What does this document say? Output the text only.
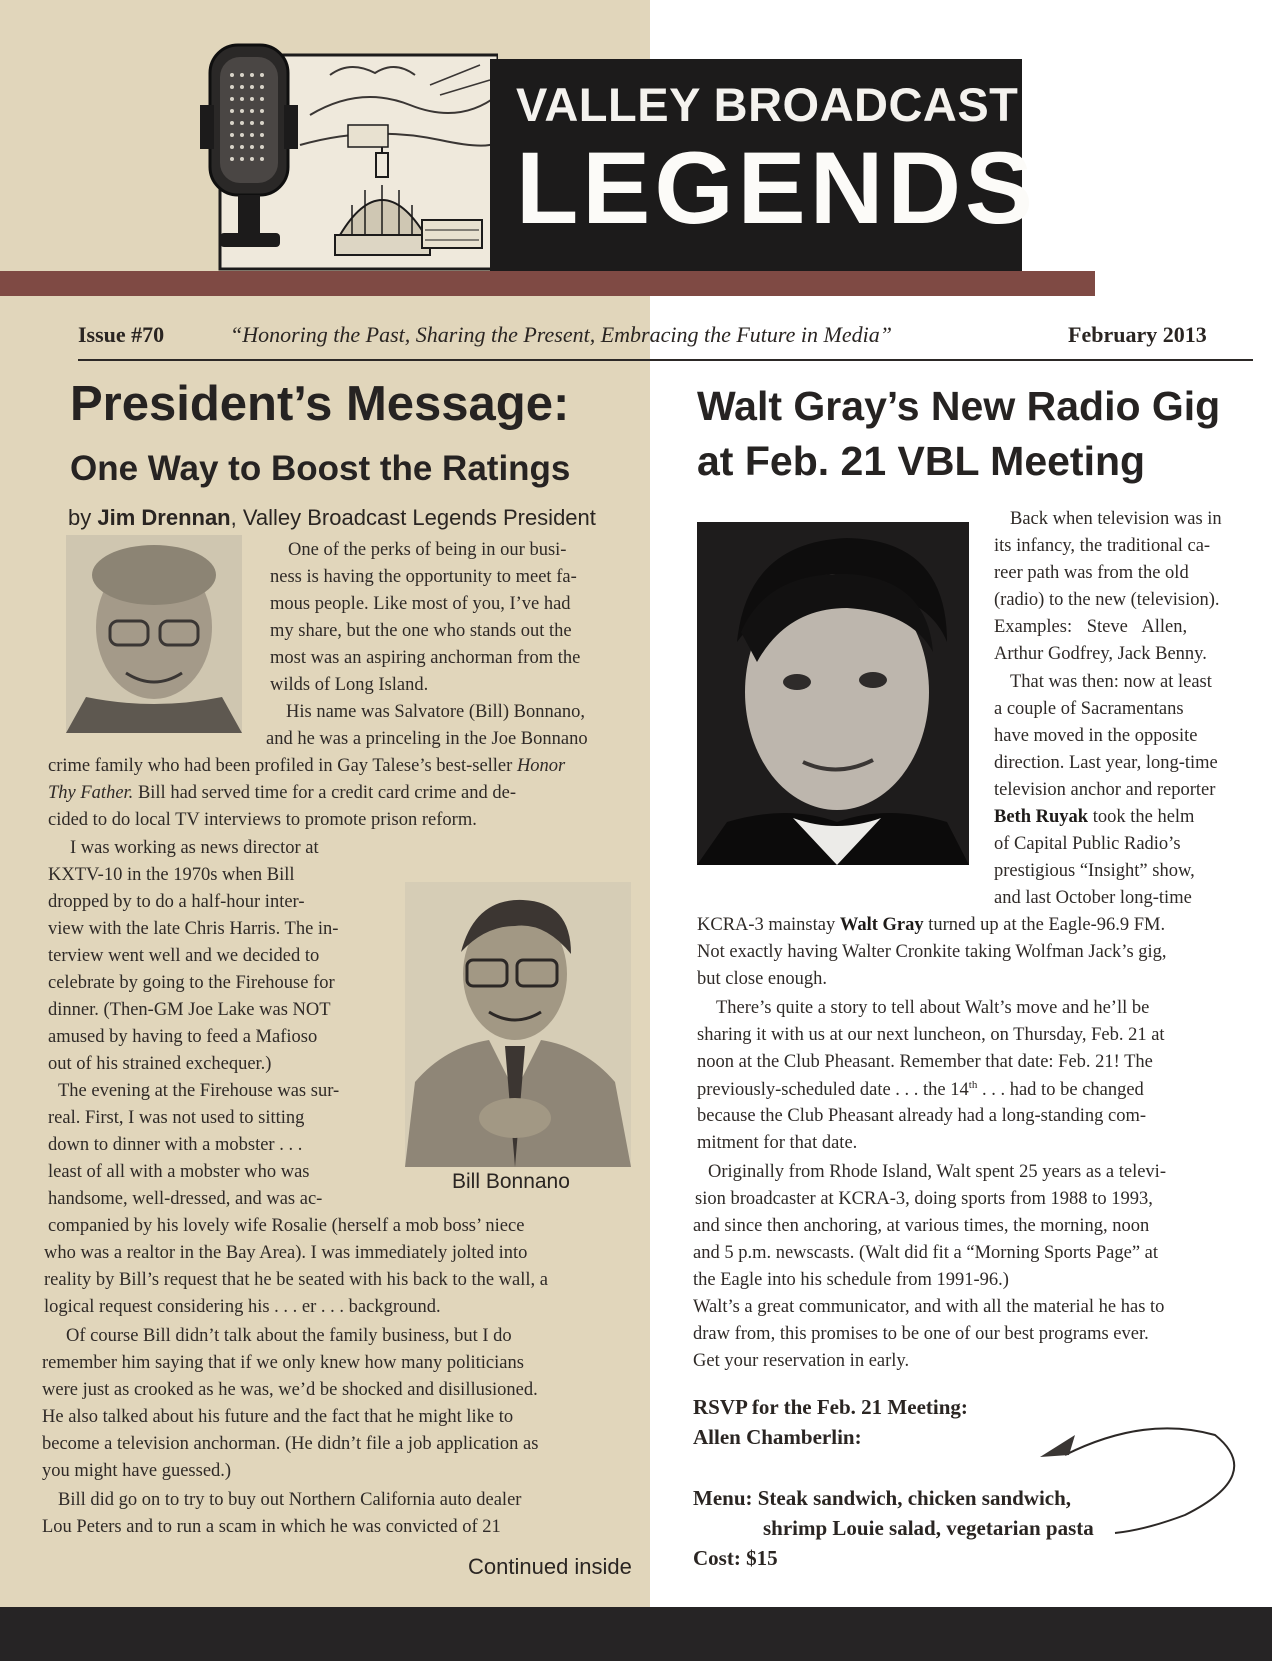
VALLEY BROADCAST
LEGENDS
Issue #70	“Honoring the Past, Sharing the Present, Embracing the Future in Media”	February 2013
President’s Message:
One Way to Boost the Ratings
by Jim Drennan, Valley Broadcast Legends President
One of the perks of being in our busi-
ness is having the opportunity to meet fa-
mous people. Like most of you, I’ve had
my share, but the one who stands out the
most was an aspiring anchorman from the
wilds of Long Island.
His name was Salvatore (Bill) Bonnano,
and he was a princeling in the Joe Bonnano
crime family who had been profiled in Gay Talese’s best-seller Honor
Thy Father. Bill had served time for a credit card crime and de-
cided to do local TV interviews to promote prison reform.
I was working as news director at
KXTV-10 in the 1970s when Bill
dropped by to do a half-hour inter-
view with the late Chris Harris. The in-
terview went well and we decided to
celebrate by going to the Firehouse for
dinner. (Then-GM Joe Lake was NOT
amused by having to feed a Mafioso
out of his strained exchequer.)
The evening at the Firehouse was sur-
real. First, I was not used to sitting
down to dinner with a mobster . . .
least of all with a mobster who was
handsome, well-dressed, and was ac-
companied by his lovely wife Rosalie (herself a mob boss’ niece
who was a realtor in the Bay Area). I was immediately jolted into
reality by Bill’s request that he be seated with his back to the wall, a
logical request considering his . . . er . . . background.
Of course Bill didn’t talk about the family business, but I do
remember him saying that if we only knew how many politicians
were just as crooked as he was, we’d be shocked and disillusioned.
He also talked about his future and the fact that he might like to
become a television anchorman. (He didn’t file a job application as
you might have guessed.)
Bill did go on to try to buy out Northern California auto dealer
Lou Peters and to run a scam in which he was convicted of 21
Bill Bonnano
Continued inside
Walt Gray’s New Radio Gig
at Feb. 21 VBL Meeting
Back when television was in
its infancy, the traditional ca-
reer path was from the old
(radio) to the new (television).
Examples: Steve Allen,
Arthur Godfrey, Jack Benny.
That was then: now at least
a couple of Sacramentans
have moved in the opposite
direction. Last year, long-time
television anchor and reporter
Beth Ruyak took the helm
of Capital Public Radio’s
prestigious “Insight” show,
and last October long-time
KCRA-3 mainstay Walt Gray turned up at the Eagle-96.9 FM.
Not exactly having Walter Cronkite taking Wolfman Jack’s gig,
but close enough.
There’s quite a story to tell about Walt’s move and he’ll be
sharing it with us at our next luncheon, on Thursday, Feb. 21 at
noon at the Club Pheasant. Remember that date: Feb. 21! The
previously-scheduled date . . . the 14th . . . had to be changed
because the Club Pheasant already had a long-standing com-
mitment for that date.
Originally from Rhode Island, Walt spent 25 years as a televi-
sion broadcaster at KCRA-3, doing sports from 1988 to 1993,
and since then anchoring, at various times, the morning, noon
and 5 p.m. newscasts. (Walt did fit a “Morning Sports Page” at
the Eagle into his schedule from 1991-96.)
Walt’s a great communicator, and with all the material he has to
draw from, this promises to be one of our best programs ever.
Get your reservation in early.
RSVP for the Feb. 21 Meeting:
Allen Chamberlin:
Menu: Steak sandwich, chicken sandwich,
shrimp Louie salad, vegetarian pasta
Cost: $15
